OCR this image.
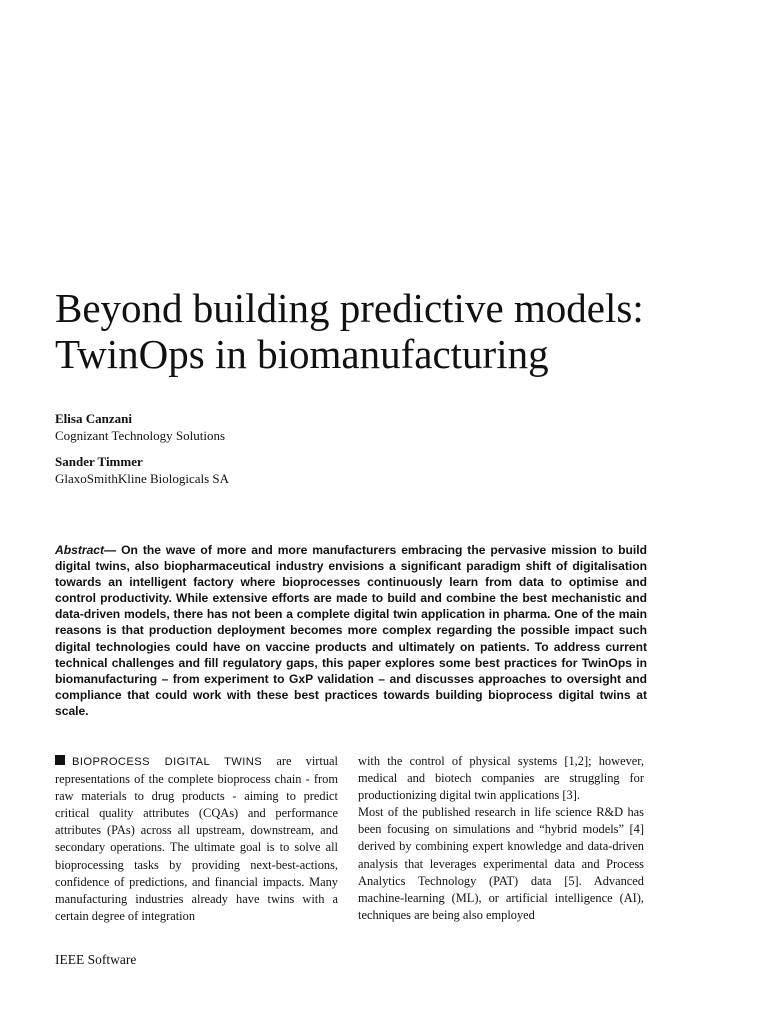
Beyond building predictive models:
TwinOps in biomanufacturing
Elisa Canzani
Cognizant Technology Solutions
Sander Timmer
GlaxoSmithKline Biologicals SA

Abstract— On the wave of more and more manufacturers embracing the pervasive mission to build digital twins, also biopharmaceutical industry envisions a significant paradigm shift of digitalisation towards an intelligent factory where bioprocesses continuously learn from data to optimise and control productivity. While extensive efforts are made to build and combine the best mechanistic and data-driven models, there has not been a complete digital twin application in pharma. One of the main reasons is that production deployment becomes more complex regarding the possible impact such digital technologies could have on vaccine products and ultimately on patients. To address current technical challenges and fill regulatory gaps, this paper explores some best practices for TwinOps in biomanufacturing – from experiment to GxP validation – and discusses approaches to oversight and compliance that could work with these best practices towards building bioprocess digital twins at scale.

BIOPROCESS DIGITAL TWINS are virtual representations of the complete bioprocess chain - from raw materials to drug products - aiming to predict critical quality attributes (CQAs) and performance attributes (PAs) across all upstream, downstream, and secondary operations. The ultimate goal is to solve all bioprocessing tasks by providing next-best-actions, confidence of predictions, and financial impacts. Many manufacturing industries already have twins with a certain degree of integration

with the control of physical systems [1,2]; however, medical and biotech companies are struggling for productionizing digital twin applications [3].

Most of the published research in life science R&D has been focusing on simulations and “hybrid models” [4] derived by combining expert knowledge and data-driven analysis that leverages experimental data and Process Analytics Technology (PAT) data [5]. Advanced machine-learning (ML), or artificial intelligence (AI), techniques are being also employed

IEEE Software
